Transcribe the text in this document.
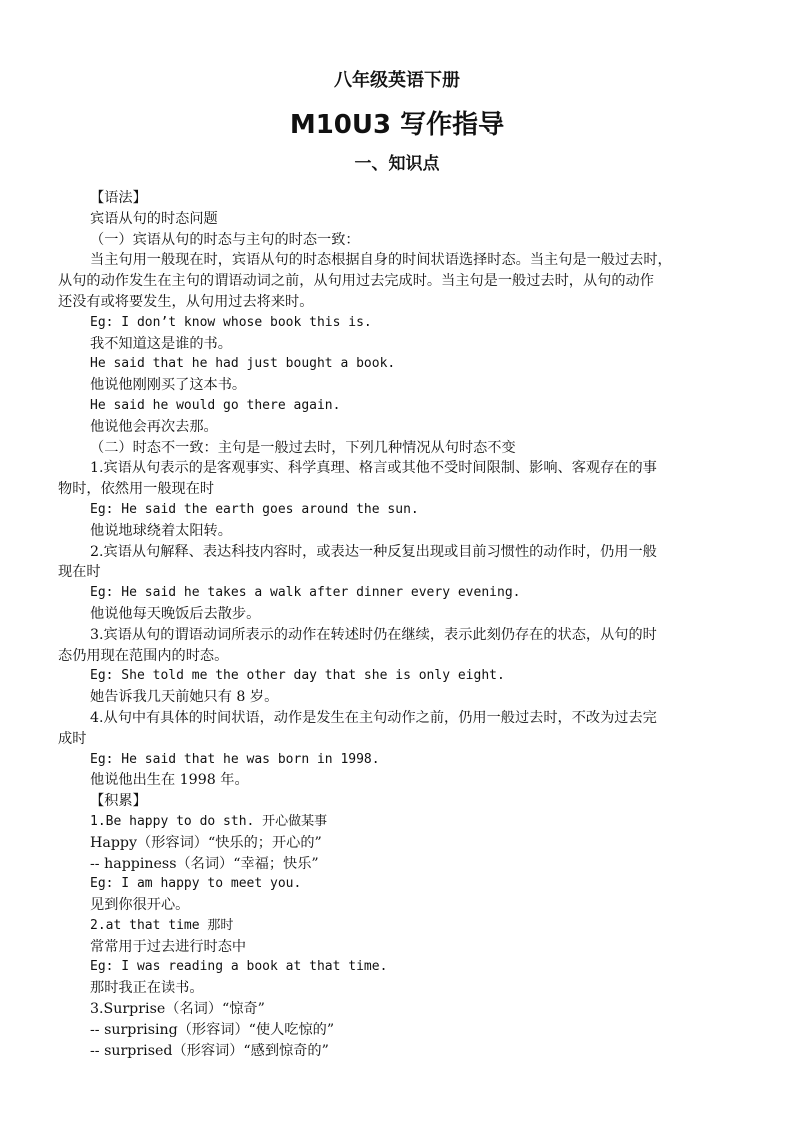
八年级英语下册
M10U3 写作指导
一、知识点
【语法】
宾语从句的时态问题
（一）宾语从句的时态与主句的时态一致：
当主句用一般现在时，宾语从句的时态根据自身的时间状语选择时态。当主句是一般过去时，
从句的动作发生在主句的谓语动词之前，从句用过去完成时。当主句是一般过去时，从句的动作
还没有或将要发生，从句用过去将来时。
Eg: I don’t know whose book this is.
我不知道这是谁的书。
He said that he had just bought a book.
他说他刚刚买了这本书。
He said he would go there again.
他说他会再次去那。
（二）时态不一致：主句是一般过去时，下列几种情况从句时态不变
1.宾语从句表示的是客观事实、科学真理、格言或其他不受时间限制、影响、客观存在的事
物时，依然用一般现在时
Eg: He said the earth goes around the sun.
他说地球绕着太阳转。
2.宾语从句解释、表达科技内容时，或表达一种反复出现或目前习惯性的动作时，仍用一般
现在时
Eg: He said he takes a walk after dinner every evening.
他说他每天晚饭后去散步。
3.宾语从句的谓语动词所表示的动作在转述时仍在继续，表示此刻仍存在的状态，从句的时
态仍用现在范围内的时态。
Eg: She told me the other day that she is only eight.
她告诉我几天前她只有 8 岁。
4.从句中有具体的时间状语，动作是发生在主句动作之前，仍用一般过去时，不改为过去完
成时
Eg: He said that he was born in 1998.
他说他出生在 1998 年。
【积累】
1.Be happy to do sth. 开心做某事
Happy（形容词）“快乐的；开心的”
-- happiness（名词）“幸福；快乐”
Eg: I am happy to meet you.
见到你很开心。
2.at that time 那时
常常用于过去进行时态中
Eg: I was reading a book at that time.
那时我正在读书。
3.Surprise（名词）“惊奇”
-- surprising（形容词）“使人吃惊的”
-- surprised（形容词）“感到惊奇的”
